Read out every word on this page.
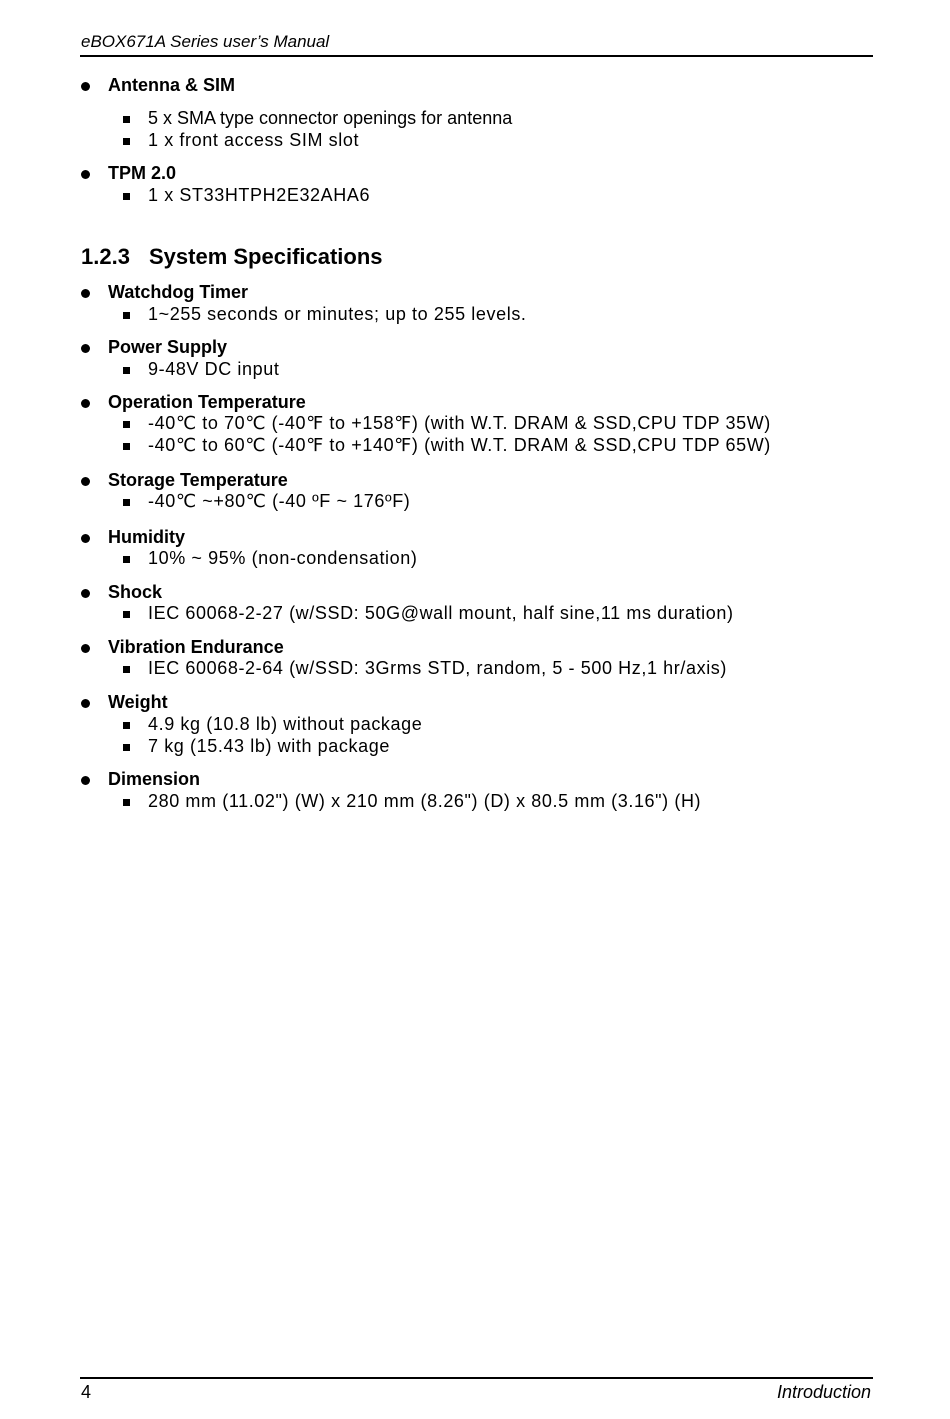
eBOX671A Series user’s Manual
Antenna & SIM
5 x SMA type connector openings for antenna
1 x front access SIM slot
TPM 2.0
1 x ST33HTPH2E32AHA6
1.2.3 System Specifications
Watchdog Timer
1~255 seconds or minutes; up to 255 levels.
Power Supply
9-48V DC input
Operation Temperature
-40℃ to 70℃ (-40℉ to +158℉) (with W.T. DRAM & SSD,CPU TDP 35W)
-40℃ to 60℃ (-40℉ to +140℉) (with W.T. DRAM & SSD,CPU TDP 65W)
Storage Temperature
-40℃ ~+80℃ (-40 ºF ~ 176ºF)
Humidity
10% ~ 95% (non-condensation)
Shock
IEC 60068-2-27 (w/SSD: 50G@wall mount, half sine,11 ms duration)
Vibration Endurance
IEC 60068-2-64 (w/SSD: 3Grms STD, random, 5 - 500 Hz,1 hr/axis)
Weight
4.9 kg (10.8 lb) without package
7 kg (15.43 lb) with package
Dimension
280 mm (11.02") (W) x 210 mm (8.26") (D) x 80.5 mm (3.16") (H)
4	Introduction
